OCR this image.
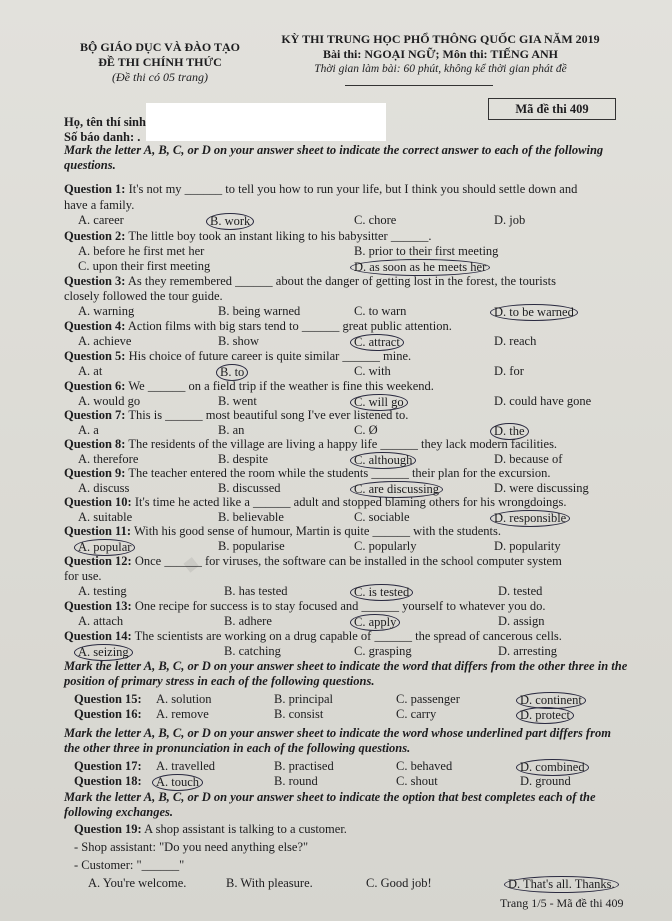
BỘ GIÁO DỤC VÀ ĐÀO TẠO
ĐỀ THI CHÍNH THỨC
(Đề thi có 05 trang)
KỲ THI TRUNG HỌC PHỔ THÔNG QUỐC GIA NĂM 2019
Bài thi: NGOẠI NGỮ; Môn thi: TIẾNG ANH
Thời gian làm bài: 60 phút, không kể thời gian phát đề
Mã đề thi 409
Họ, tên thí sinh
Số báo danh: .
·
Mark the letter A, B, C, or D on your answer sheet to indicate the correct answer to each of the following questions.
Question 1: It's not my ______ to tell you how to run your life, but I think you should settle down and
have a family.
A. career	B. work	C. chore	D. job
Question 2: The little boy took an instant liking to his babysitter ______.
A. before he first met her	B. prior to their first meeting
C. upon their first meeting	D. as soon as he meets her
Question 3: As they remembered ______ about the danger of getting lost in the forest, the tourists
closely followed the tour guide.
A. warning	B. being warned	C. to warn	D. to be warned
Question 4: Action films with big stars tend to ______ great public attention.
A. achieve	B. show	C. attract	D. reach
Question 5: His choice of future career is quite similar ______ mine.
A. at	B. to	C. with	D. for
Question 6: We ______ on a field trip if the weather is fine this weekend.
A. would go	B. went	C. will go	D. could have gone
Question 7: This is ______ most beautiful song I've ever listened to.
A. a	B. an	C. Ø	D. the
Question 8: The residents of the village are living a happy life ______ they lack modern facilities.
A. therefore	B. despite	C. although	D. because of
Question 9: The teacher entered the room while the students ______ their plan for the excursion.
A. discuss	B. discussed	C. are discussing	D. were discussing
Question 10: It's time he acted like a ______ adult and stopped blaming others for his wrongdoings.
A. suitable	B. believable	C. sociable	D. responsible
Question 11: With his good sense of humour, Martin is quite ______ with the students.
A. popular	B. popularise	C. popularly	D. popularity
Question 12: Once ______ for viruses, the software can be installed in the school computer system
for use.
A. testing	B. has tested	C. is tested	D. tested
Question 13: One recipe for success is to stay focused and ______ yourself to whatever you do.
A. attach	B. adhere	C. apply	D. assign
Question 14: The scientists are working on a drug capable of ______ the spread of cancerous cells.
A. seizing	B. catching	C. grasping	D. arresting
Mark the letter A, B, C, or D on your answer sheet to indicate the word that differs from the other three in the position of primary stress in each of the following questions.
Question 15: A. solution	B. principal	C. passenger	D. continent
Question 16: A. remove	B. consist	C. carry	D. protect
Mark the letter A, B, C, or D on your answer sheet to indicate the word whose underlined part differs from the other three in pronunciation in each of the following questions.
Question 17: A. travelled	B. practised	C. behaved	D. combined
Question 18:	A. touch	B. round	C. shout	D. ground
Mark the letter A, B, C, or D on your answer sheet to indicate the option that best completes each of the following exchanges.
Question 19: A shop assistant is talking to a customer.
- Shop assistant: "Do you need anything else?"
- Customer: "______"
A. You're welcome.	B. With pleasure.	C. Good job!	D. That's all. Thanks.
Trang 1/5 - Mã đề thi 409
